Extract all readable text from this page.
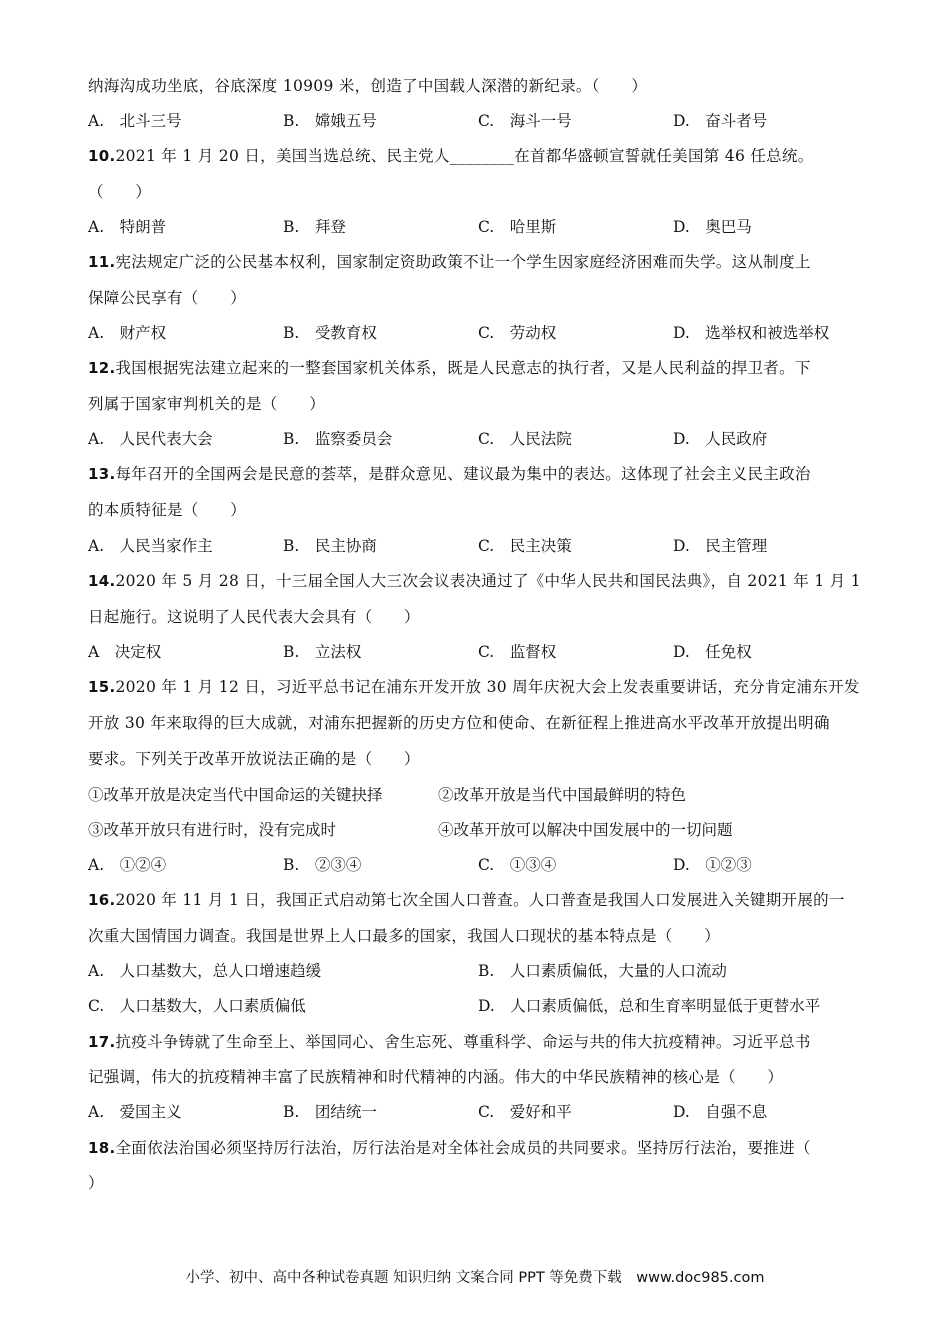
纳海沟成功坐底，谷底深度 10909 米，创造了中国载人深潜的新纪录。（　　）
A.　北斗三号	B.　嫦娥五号	C.　海斗一号	D.　奋斗者号
10.2021 年 1 月 20 日，美国当选总统、民主党人________在首都华盛顿宣誓就任美国第 46 任总统。
（　　）
A.　特朗普	B.　拜登	C.　哈里斯	D.　奥巴马
11.宪法规定广泛的公民基本权利，国家制定资助政策不让一个学生因家庭经济困难而失学。这从制度上
保障公民享有（　　）
A.　财产权	B.　受教育权	C.　劳动权	D.　选举权和被选举权
12.我国根据宪法建立起来的一整套国家机关体系，既是人民意志的执行者，又是人民利益的捍卫者。下
列属于国家审判机关的是（　　）
A.　人民代表大会	B.　监察委员会	C.　人民法院	D.　人民政府
13.每年召开的全国两会是民意的荟萃，是群众意见、建议最为集中的表达。这体现了社会主义民主政治
的本质特征是（　　）
A.　人民当家作主	B.　民主协商	C.　民主决策	D.　民主管理
14.2020 年 5 月 28 日，十三届全国人大三次会议表决通过了《中华人民共和国民法典》，自 2021 年 1 月 1
日起施行。这说明了人民代表大会具有（　　）
A　决定权	B.　立法权	C.　监督权	D.　任免权
15.2020 年 1 月 12 日，习近平总书记在浦东开发开放 30 周年庆祝大会上发表重要讲话，充分肯定浦东开发
开放 30 年来取得的巨大成就，对浦东把握新的历史方位和使命、在新征程上推进高水平改革开放提出明确
要求。下列关于改革开放说法正确的是（　　）
①改革开放是决定当代中国命运的关键抉择	②改革开放是当代中国最鲜明的特色
③改革开放只有进行时，没有完成时	④改革开放可以解决中国发展中的一切问题
A.　①②④	B.　②③④	C.　①③④	D.　①②③
16.2020 年 11 月 1 日，我国正式启动第七次全国人口普查。人口普查是我国人口发展进入关键期开展的一
次重大国情国力调查。我国是世界上人口最多的国家，我国人口现状的基本特点是（　　）
A.　人口基数大，总人口增速趋缓	B.　人口素质偏低，大量的人口流动
C.　人口基数大，人口素质偏低	D.　人口素质偏低，总和生育率明显低于更替水平
17.抗疫斗争铸就了生命至上、举国同心、舍生忘死、尊重科学、命运与共的伟大抗疫精神。习近平总书
记强调，伟大的抗疫精神丰富了民族精神和时代精神的内涵。伟大的中华民族精神的核心是（　　）
A.　爱国主义	B.　团结统一	C.　爱好和平	D.　自强不息
18.全面依法治国必须坚持厉行法治，厉行法治是对全体社会成员的共同要求。坚持厉行法治，要推进（
）
小学、初中、高中各种试卷真题 知识归纳 文案合同 PPT 等免费下载　www.doc985.com
